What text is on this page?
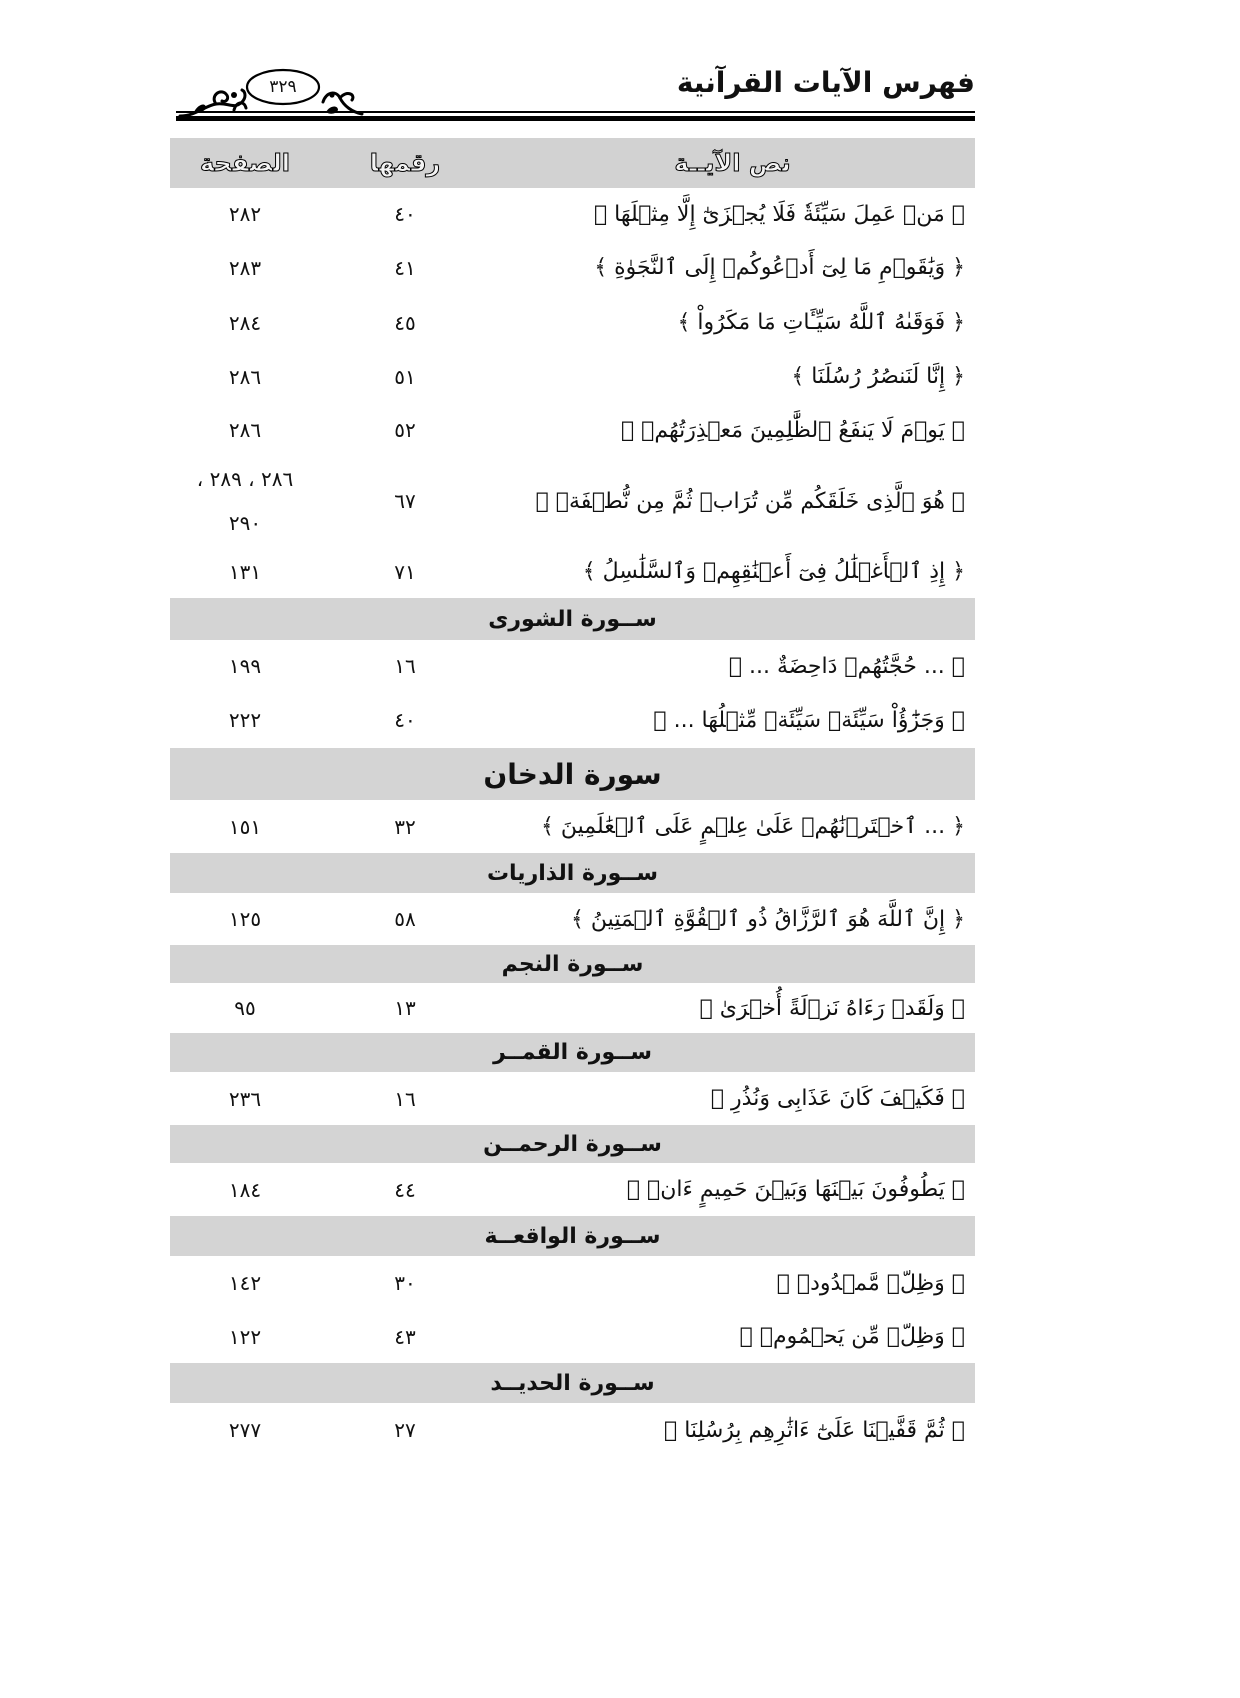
فهرس الآيات القرآنية
٣٢٩
نص الآيــة
رقمها
الصفحة
﴿ مَنۡ عَمِلَ سَيِّئَةٗ فَلَا يُجۡزَىٰٓ إِلَّا مِثۡلَهَا ﴾
٤٠
٢٨٢
﴿ وَيَٰقَوۡمِ مَا لِىٓ أَدۡعُوكُمۡ إِلَى ٱلنَّجَوٰةِ ﴾
٤١
٢٨٣
﴿ فَوَقَىٰهُ ٱللَّهُ سَيِّـَٔاتِ مَا مَكَرُواْ ﴾
٤٥
٢٨٤
﴿ إِنَّا لَنَنصُرُ رُسُلَنَا ﴾
٥١
٢٨٦
﴿ يَوۡمَ لَا يَنفَعُ ٱلظَّٰلِمِينَ مَعۡذِرَتُهُمۡ ﴾
٥٢
٢٨٦
﴿ هُوَ ٱلَّذِى خَلَقَكُم مِّن تُرَابٖ ثُمَّ مِن نُّطۡفَةٖ ﴾
٦٧
٢٨٦ ، ٢٨٩ ، ٢٩٠
﴿ إِذِ ٱلۡأَغۡلَٰلُ فِىٓ أَعۡنَٰقِهِمۡ وَٱلسَّلَٰسِلُ ﴾
٧١
١٣١
ســورة الشورى
﴿ ... حُجَّتُهُمۡ دَاحِضَةٌ ... ﴾
١٦
١٩٩
﴿ وَجَزَٰٓؤُاْ سَيِّئَةٖ سَيِّئَةٞ مِّثۡلُهَا ... ﴾
٤٠
٢٢٢
سورة الدخان
﴿ ... ٱخۡتَرۡنَٰهُمۡ عَلَىٰ عِلۡمٍ عَلَى ٱلۡعَٰلَمِينَ ﴾
٣٢
١٥١
ســورة الذاريات
﴿ إِنَّ ٱللَّهَ هُوَ ٱلرَّزَّاقُ ذُو ٱلۡقُوَّةِ ٱلۡمَتِينُ ﴾
٥٨
١٢٥
ســورة النجم
﴿ وَلَقَدۡ رَءَاهُ نَزۡلَةً أُخۡرَىٰ ﴾
١٣
٩٥
ســورة القمــر
﴿ فَكَيۡفَ كَانَ عَذَابِى وَنُذُرِ ﴾
١٦
٢٣٦
ســورة الرحمــن
﴿ يَطُوفُونَ بَيۡنَهَا وَبَيۡنَ حَمِيمٍ ءَانٖ ﴾
٤٤
١٨٤
ســورة الواقعــة
﴿ وَظِلّٖ مَّمۡدُودٖ ﴾
٣٠
١٤٢
﴿ وَظِلّٖ مِّن يَحۡمُومٖ ﴾
٤٣
١٢٢
ســورة الحديــد
﴿ ثُمَّ قَفَّيۡنَا عَلَىٰٓ ءَاثَٰرِهِم بِرُسُلِنَا ﴾
٢٧
٢٧٧
